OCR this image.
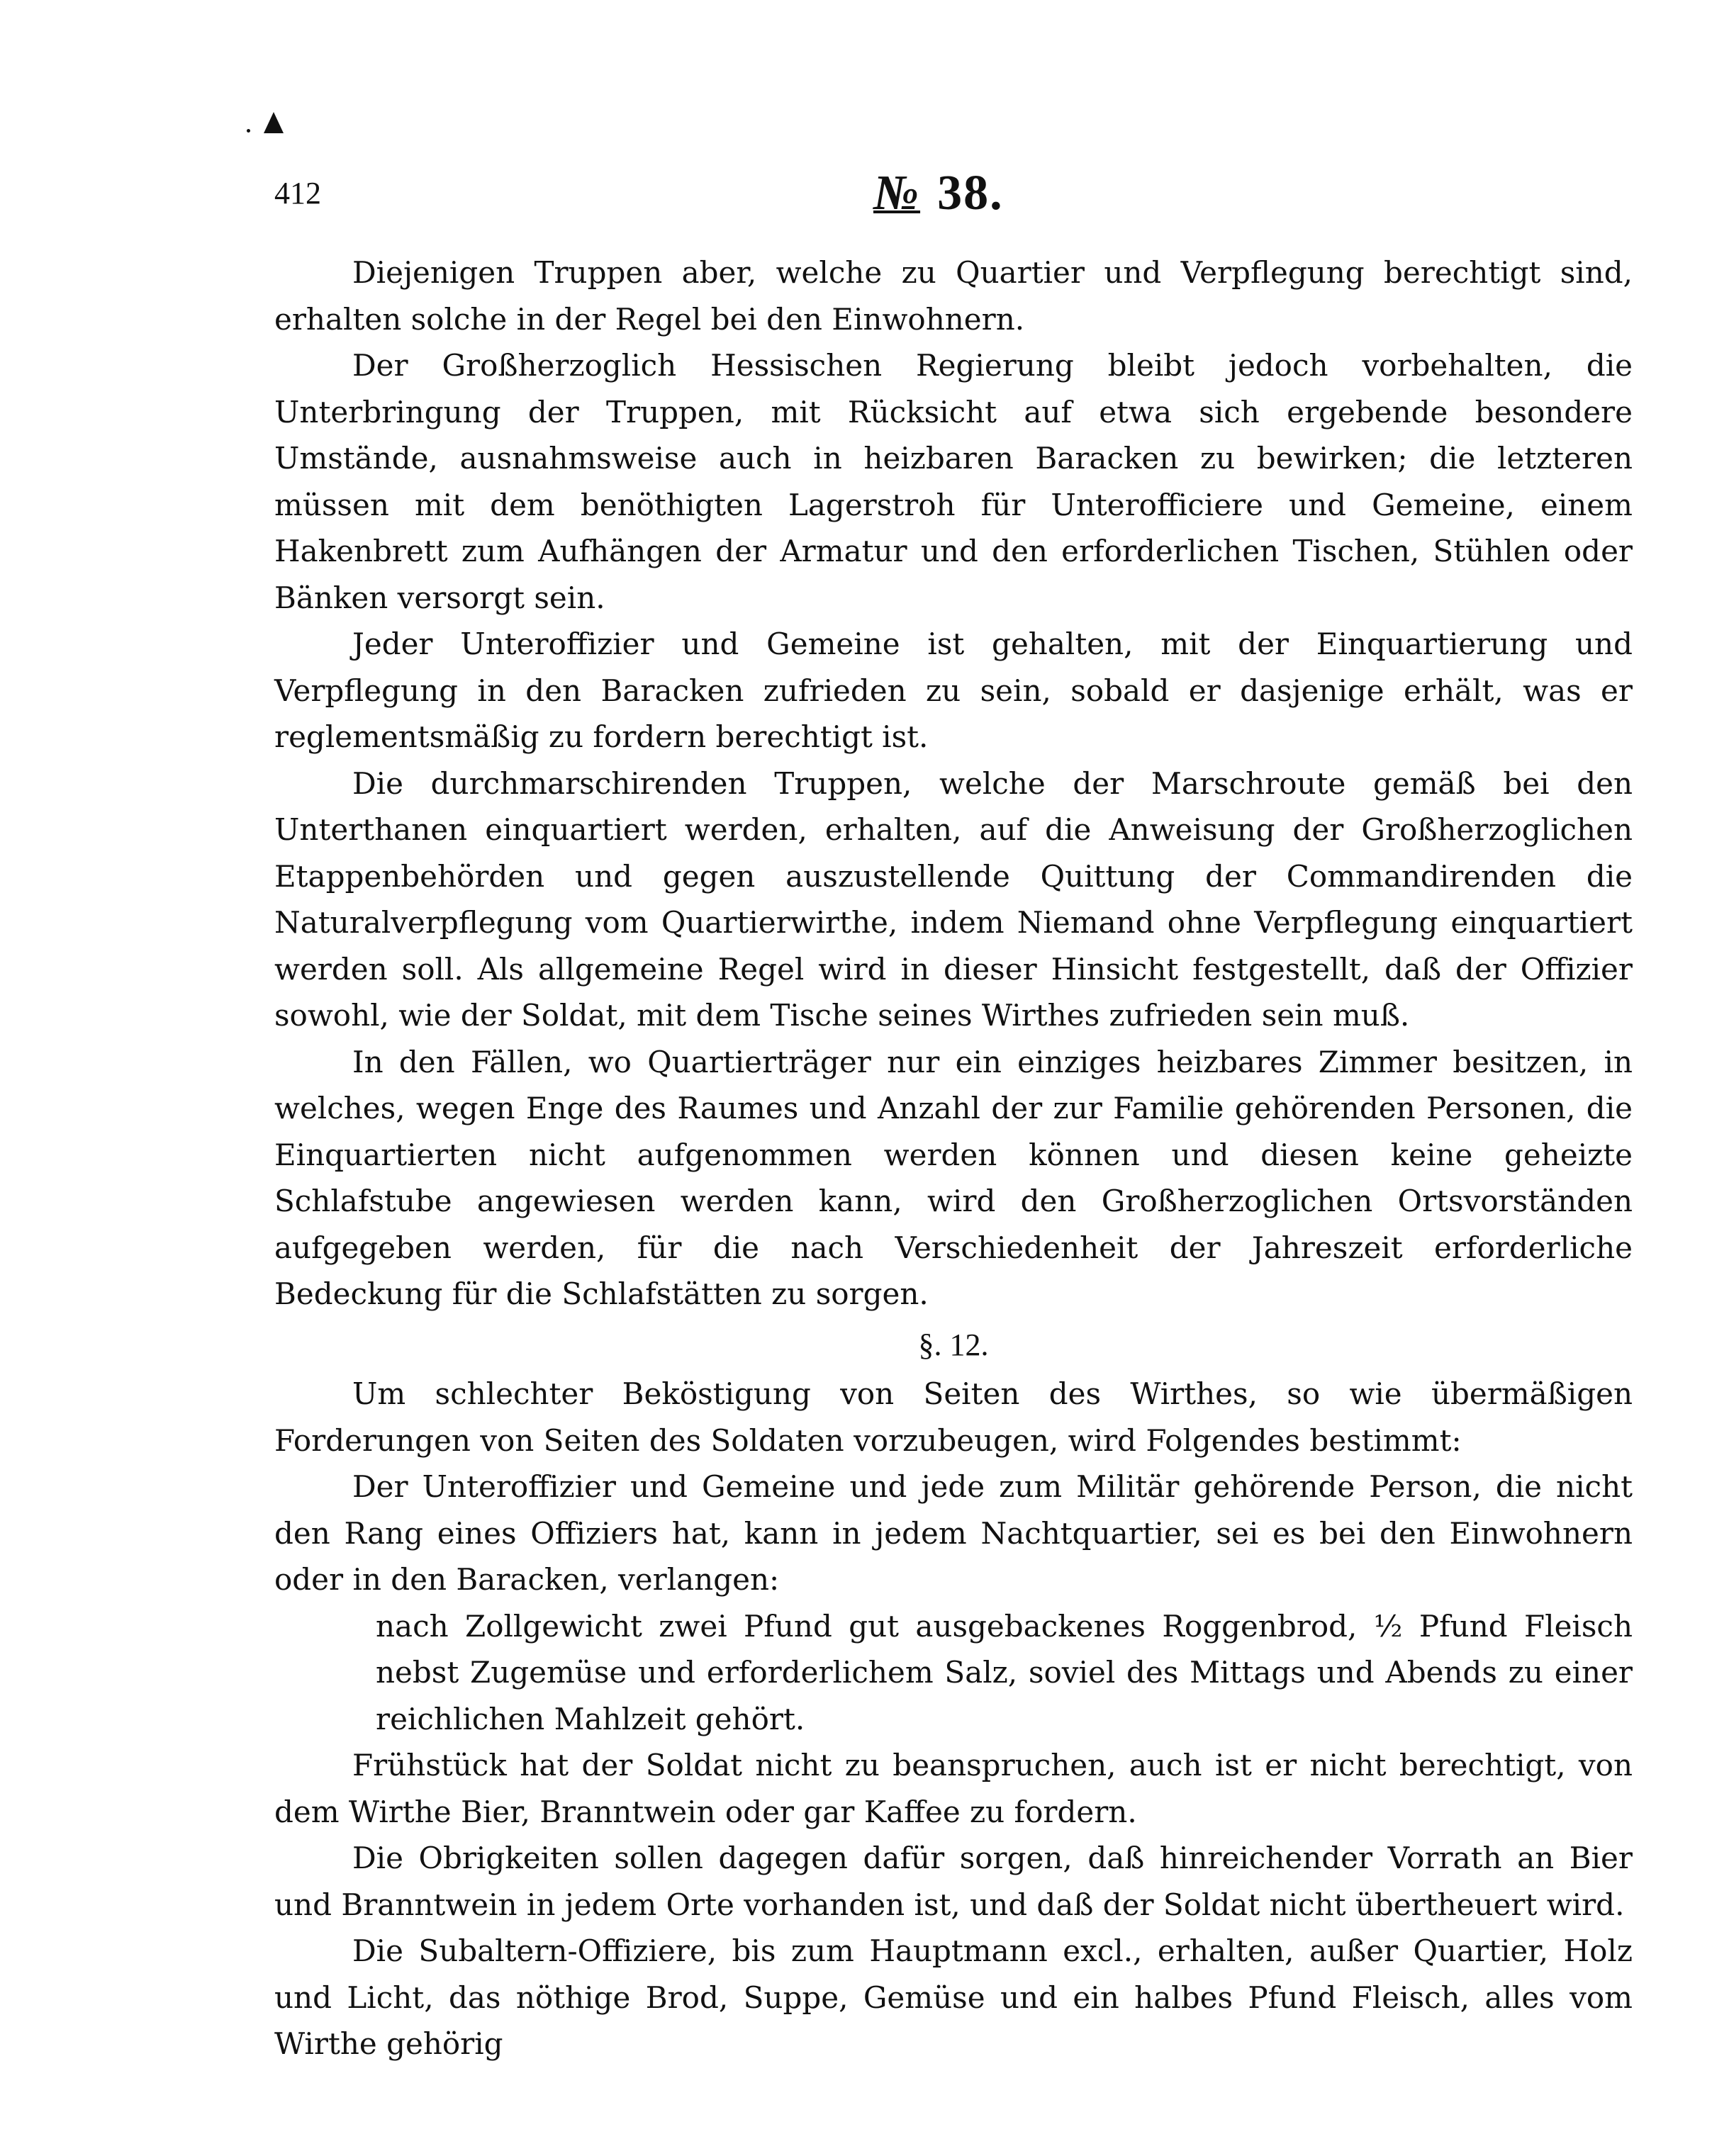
412	№ 38.

Diejenigen Truppen aber, welche zu Quartier und Verpflegung berechtigt sind, erhalten solche in der Regel bei den Einwohnern.

Der Großherzoglich Hessischen Regierung bleibt jedoch vorbehalten, die Unterbringung der Truppen, mit Rücksicht auf etwa sich ergebende besondere Umstände, ausnahmsweise auch in heizbaren Baracken zu bewirken; die letzteren müssen mit dem benöthigten Lagerstroh für Unterofficiere und Gemeine, einem Hakenbrett zum Aufhängen der Armatur und den erforderlichen Tischen, Stühlen oder Bänken versorgt sein.

Jeder Unteroffizier und Gemeine ist gehalten, mit der Einquartierung und Verpflegung in den Baracken zufrieden zu sein, sobald er dasjenige erhält, was er reglementsmäßig zu fordern berechtigt ist.

Die durchmarschirenden Truppen, welche der Marschroute gemäß bei den Unterthanen einquartiert werden, erhalten, auf die Anweisung der Großherzoglichen Etappenbehörden und gegen auszustellende Quittung der Commandirenden die Naturalverpflegung vom Quartierwirthe, indem Niemand ohne Verpflegung einquartiert werden soll. Als allgemeine Regel wird in dieser Hinsicht festgestellt, daß der Offizier sowohl, wie der Soldat, mit dem Tische seines Wirthes zufrieden sein muß.

In den Fällen, wo Quartierträger nur ein einziges heizbares Zimmer besitzen, in welches, wegen Enge des Raumes und Anzahl der zur Familie gehörenden Personen, die Einquartierten nicht aufgenommen werden können und diesen keine geheizte Schlafstube angewiesen werden kann, wird den Großherzoglichen Ortsvorständen aufgegeben werden, für die nach Verschiedenheit der Jahreszeit erforderliche Bedeckung für die Schlafstätten zu sorgen.

§. 12.

Um schlechter Beköstigung von Seiten des Wirthes, so wie übermäßigen Forderungen von Seiten des Soldaten vorzubeugen, wird Folgendes bestimmt:

Der Unteroffizier und Gemeine und jede zum Militär gehörende Person, die nicht den Rang eines Offiziers hat, kann in jedem Nachtquartier, sei es bei den Einwohnern oder in den Baracken, verlangen:

nach Zollgewicht zwei Pfund gut ausgebackenes Roggenbrod, ½ Pfund Fleisch nebst Zugemüse und erforderlichem Salz, soviel des Mittags und Abends zu einer reichlichen Mahlzeit gehört.

Frühstück hat der Soldat nicht zu beanspruchen, auch ist er nicht berechtigt, von dem Wirthe Bier, Branntwein oder gar Kaffee zu fordern.

Die Obrigkeiten sollen dagegen dafür sorgen, daß hinreichender Vorrath an Bier und Branntwein in jedem Orte vorhanden ist, und daß der Soldat nicht übertheuert wird.

Die Subaltern-Offiziere, bis zum Hauptmann excl., erhalten, außer Quartier, Holz und Licht, das nöthige Brod, Suppe, Gemüse und ein halbes Pfund Fleisch, alles vom Wirthe gehörig
